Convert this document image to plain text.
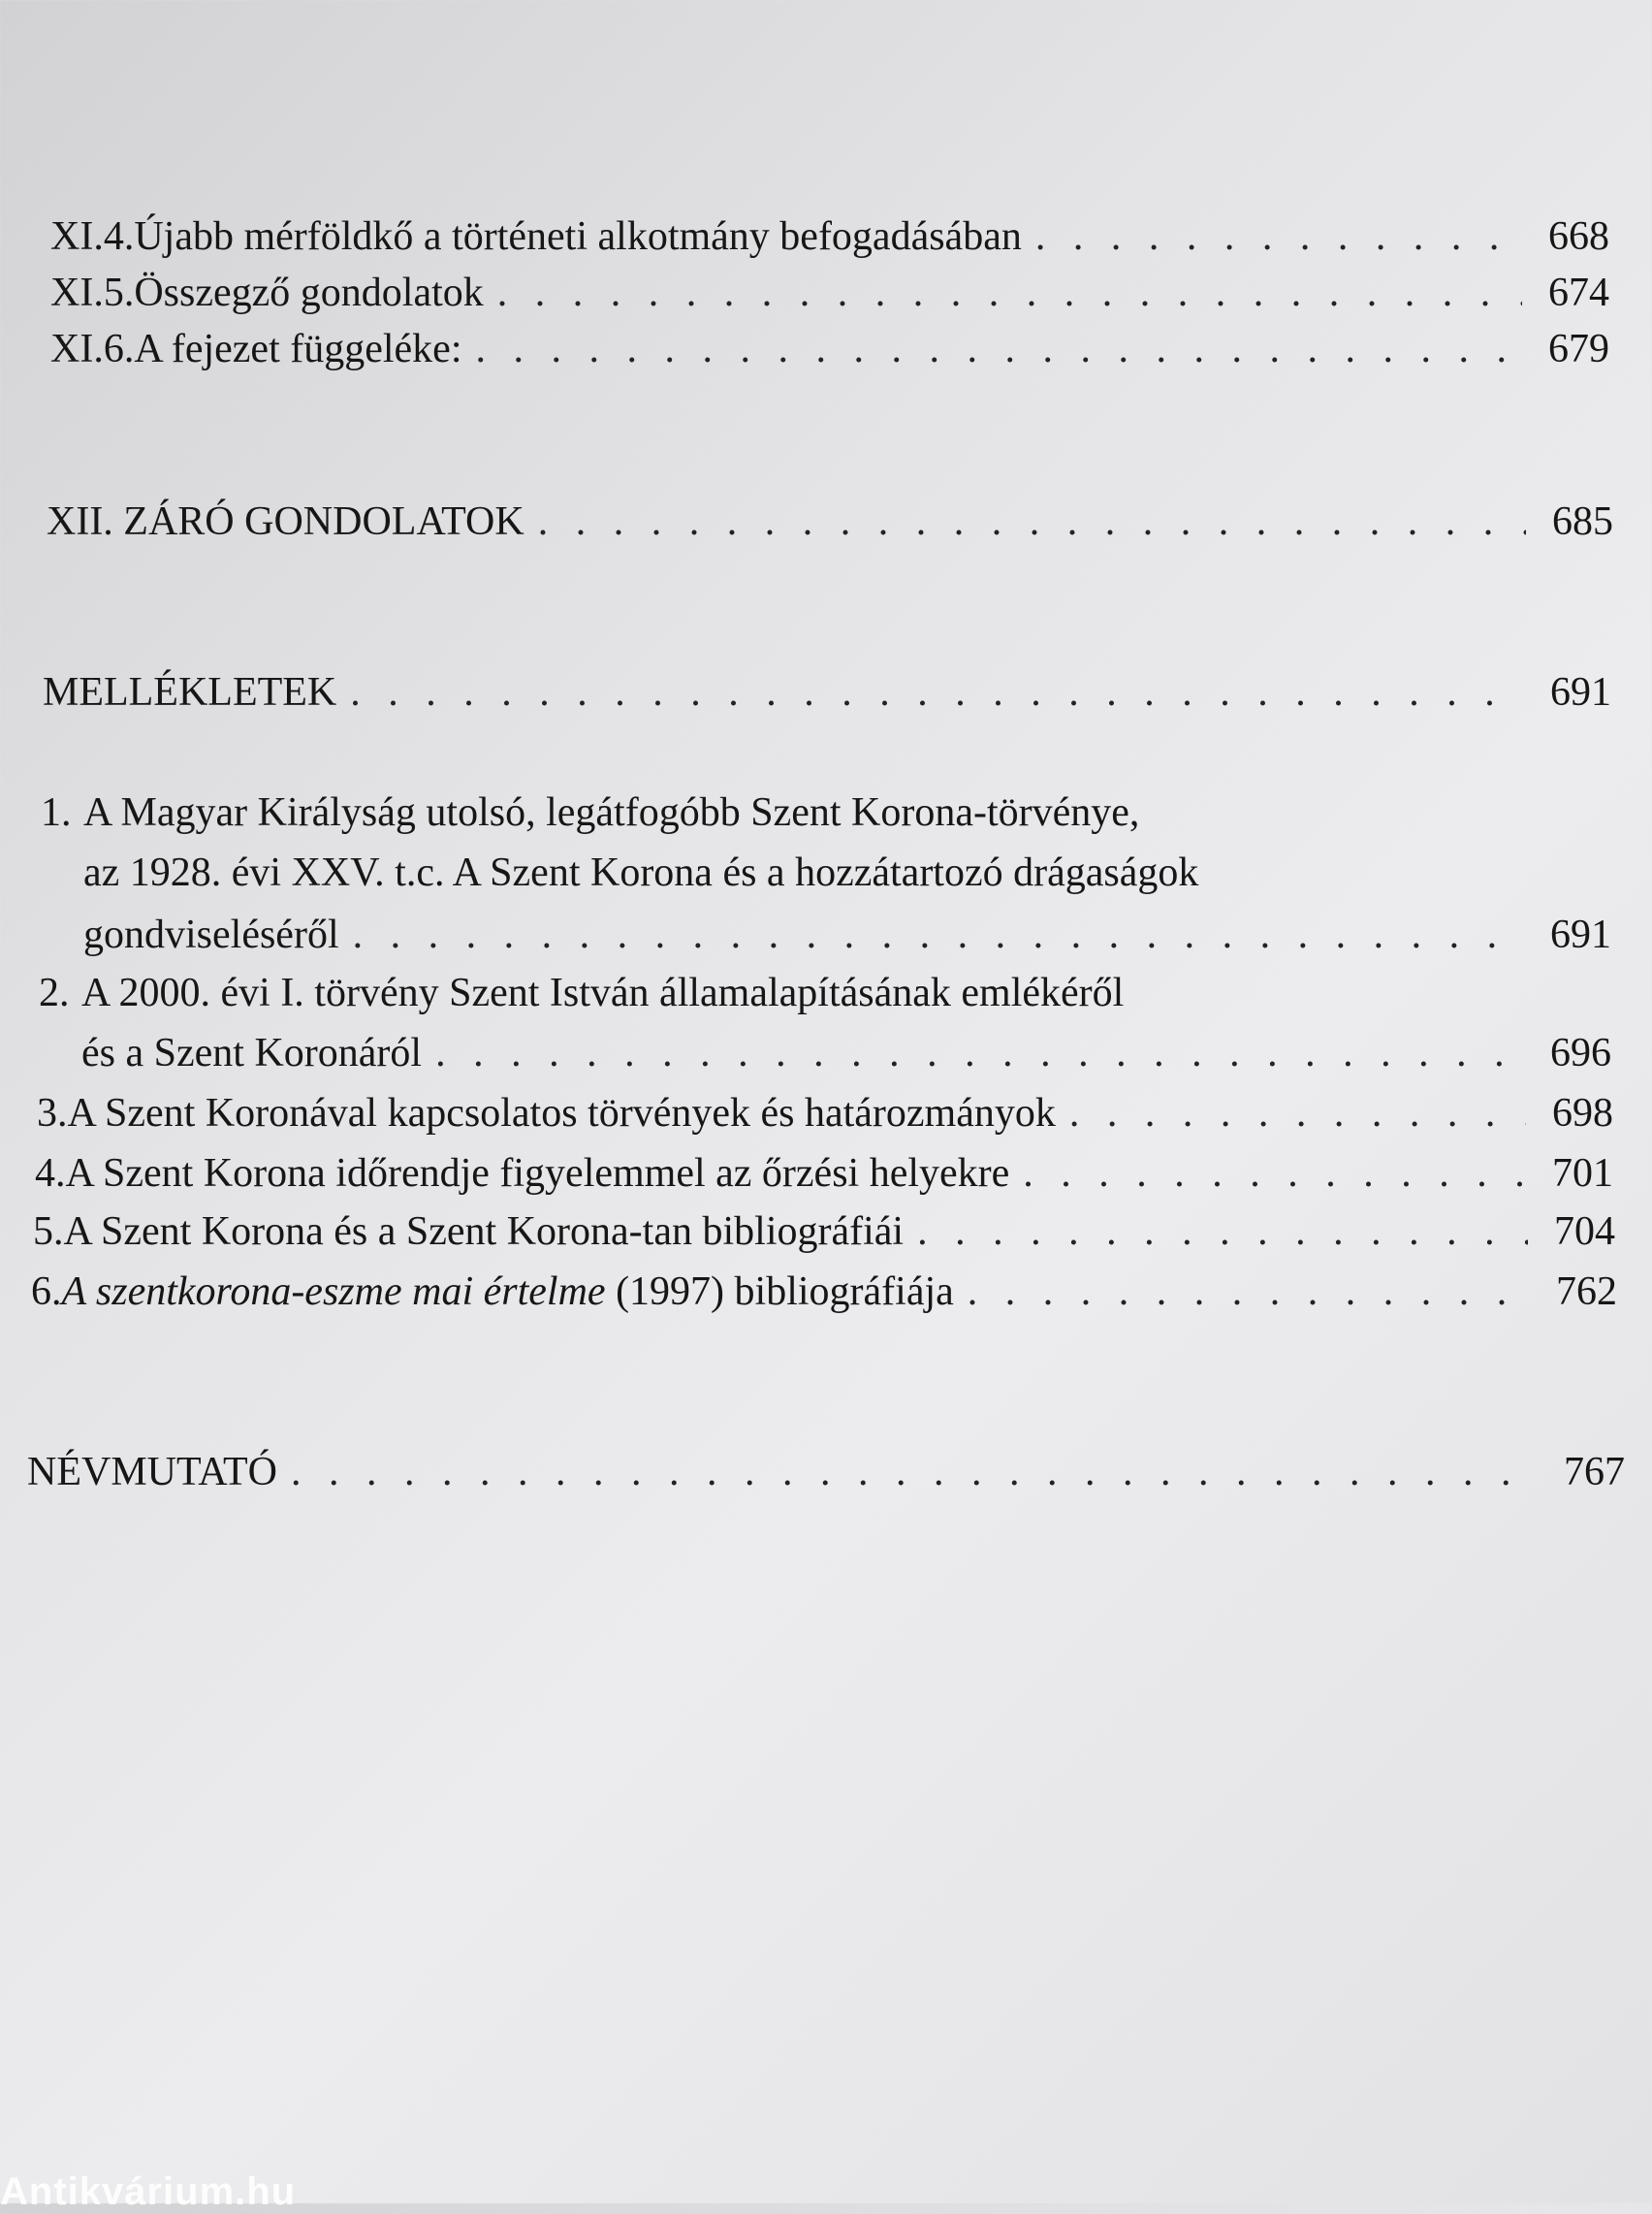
XI.4. Újabb mérföldkő a történeti alkotmány befogadásában . . .	668
XI.5. Összegző gondolatok . . .	674
XI.6. A fejezet függeléke: . . .	679
XII. ZÁRÓ GONDOLATOK . . .	685
MELLÉKLETEK . . .	691
1. A Magyar Királyság utolsó, legátfogóbb Szent Korona-törvénye,
az 1928. évi XXV. t.c. A Szent Korona és a hozzátartozó drágaságok
gondviseléséről . . .	691
2. A 2000. évi I. törvény Szent István államalapításának emlékéről
és a Szent Koronáról . . .	696
3. A Szent Koronával kapcsolatos törvények és határozmányok . . .	698
4. A Szent Korona időrendje figyelemmel az őrzési helyekre . . .	701
5. A Szent Korona és a Szent Korona-tan bibliográfiái . . .	704
6. A szentkorona-eszme mai értelme (1997) bibliográfiája . . .	762
NÉVMUTATÓ . . .	767
Antikvárium.hu
